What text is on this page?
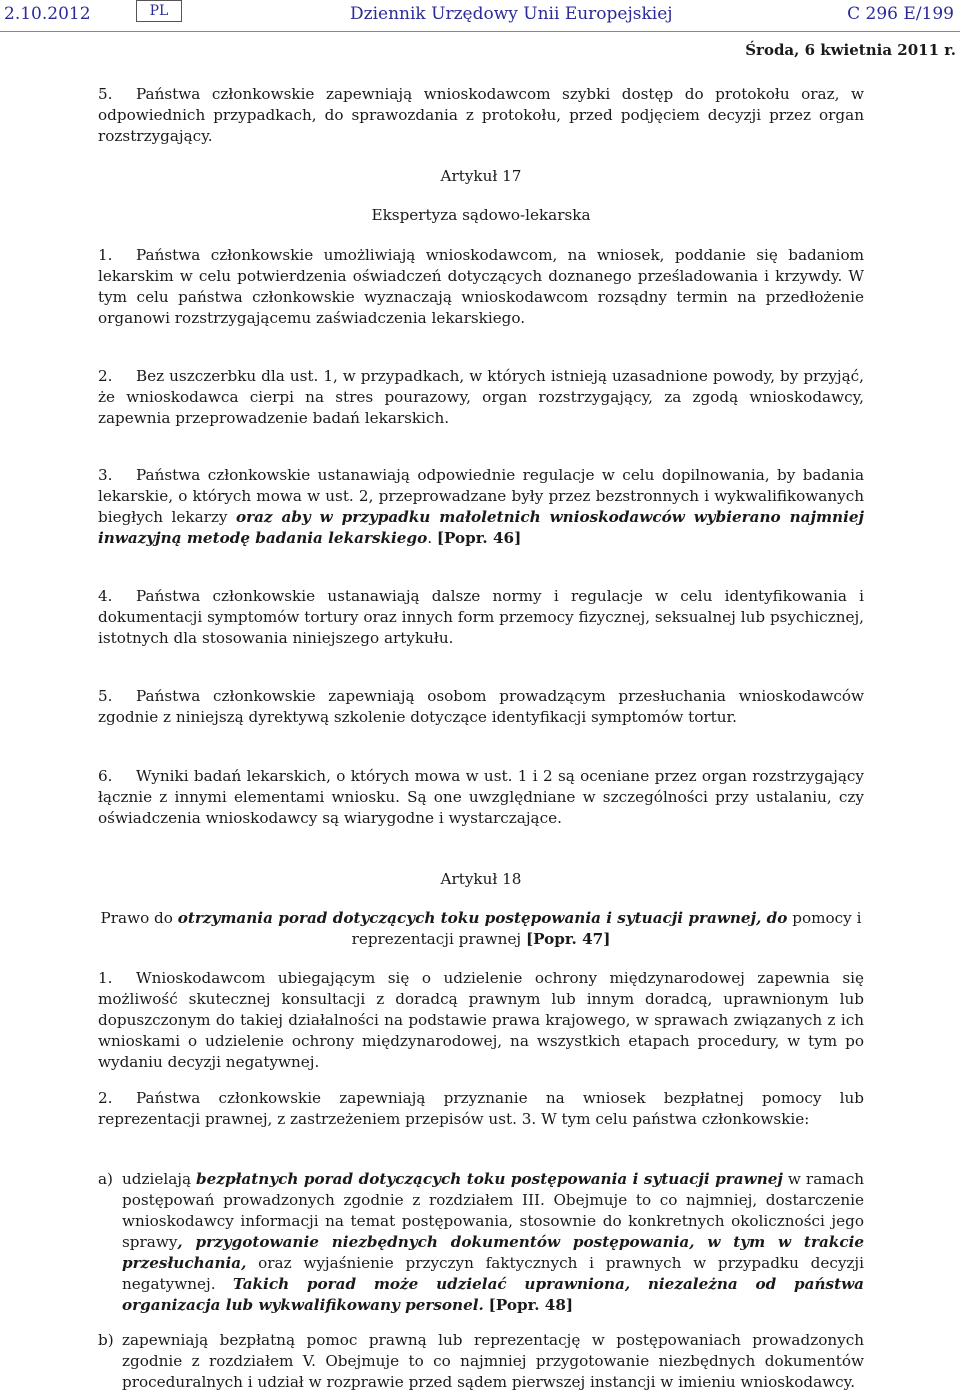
2.10.2012	PL	Dziennik Urzędowy Unii Europejskiej	C 296 E/199
Środa, 6 kwietnia 2011 r.

5. Państwa członkowskie zapewniają wnioskodawcom szybki dostęp do protokołu oraz, w odpowiednich przypadkach, do sprawozdania z protokołu, przed podjęciem decyzji przez organ rozstrzygający.

Artykuł 17

Ekspertyza sądowo-lekarska

1. Państwa członkowskie umożliwiają wnioskodawcom, na wniosek, poddanie się badaniom lekarskim w celu potwierdzenia oświadczeń dotyczących doznanego prześladowania i krzywdy. W tym celu państwa członkowskie wyznaczają wnioskodawcom rozsądny termin na przedłożenie organowi rozstrzygającemu zaświadczenia lekarskiego.

2. Bez uszczerbku dla ust. 1, w przypadkach, w których istnieją uzasadnione powody, by przyjąć, że wnioskodawca cierpi na stres pourazowy, organ rozstrzygający, za zgodą wnioskodawcy, zapewnia przeprowadzenie badań lekarskich.

3. Państwa członkowskie ustanawiają odpowiednie regulacje w celu dopilnowania, by badania lekarskie, o których mowa w ust. 2, przeprowadzane były przez bezstronnych i wykwalifikowanych biegłych lekarzy oraz aby w przypadku małoletnich wnioskodawców wybierano najmniej inwazyjną metodę badania lekarskiego. [Popr. 46]

4. Państwa członkowskie ustanawiają dalsze normy i regulacje w celu identyfikowania i dokumentacji symptomów tortury oraz innych form przemocy fizycznej, seksualnej lub psychicznej, istotnych dla stosowania niniejszego artykułu.

5. Państwa członkowskie zapewniają osobom prowadzącym przesłuchania wnioskodawców zgodnie z niniejszą dyrektywą szkolenie dotyczące identyfikacji symptomów tortur.

6. Wyniki badań lekarskich, o których mowa w ust. 1 i 2 są oceniane przez organ rozstrzygający łącznie z innymi elementami wniosku. Są one uwzględniane w szczególności przy ustalaniu, czy oświadczenia wnioskodawcy są wiarygodne i wystarczające.

Artykuł 18

Prawo do otrzymania porad dotyczących toku postępowania i sytuacji prawnej, do pomocy i reprezentacji prawnej [Popr. 47]

1. Wnioskodawcom ubiegającym się o udzielenie ochrony międzynarodowej zapewnia się możliwość skutecznej konsultacji z doradcą prawnym lub innym doradcą, uprawnionym lub dopuszczonym do takiej działalności na podstawie prawa krajowego, w sprawach związanych z ich wnioskami o udzielenie ochrony międzynarodowej, na wszystkich etapach procedury, w tym po wydaniu decyzji negatywnej.

2. Państwa członkowskie zapewniają przyznanie na wniosek bezpłatnej pomocy lub reprezentacji prawnej, z zastrzeżeniem przepisów ust. 3. W tym celu państwa członkowskie:

a) udzielają bezpłatnych porad dotyczących toku postępowania i sytuacji prawnej w ramach postępowań prowadzonych zgodnie z rozdziałem III. Obejmuje to co najmniej, dostarczenie wnioskodawcy informacji na temat postępowania, stosownie do konkretnych okoliczności jego sprawy, przygotowanie niezbędnych dokumentów postępowania, w tym w trakcie przesłuchania, oraz wyjaśnienie przyczyn faktycznych i prawnych w przypadku decyzji negatywnej. Takich porad może udzielać uprawniona, niezależna od państwa organizacja lub wykwalifikowany personel. [Popr. 48]
b) zapewniają bezpłatną pomoc prawną lub reprezentację w postępowaniach prowadzonych zgodnie z rozdziałem V. Obejmuje to co najmniej przygotowanie niezbędnych dokumentów proceduralnych i udział w rozprawie przed sądem pierwszej instancji w imieniu wnioskodawcy.
